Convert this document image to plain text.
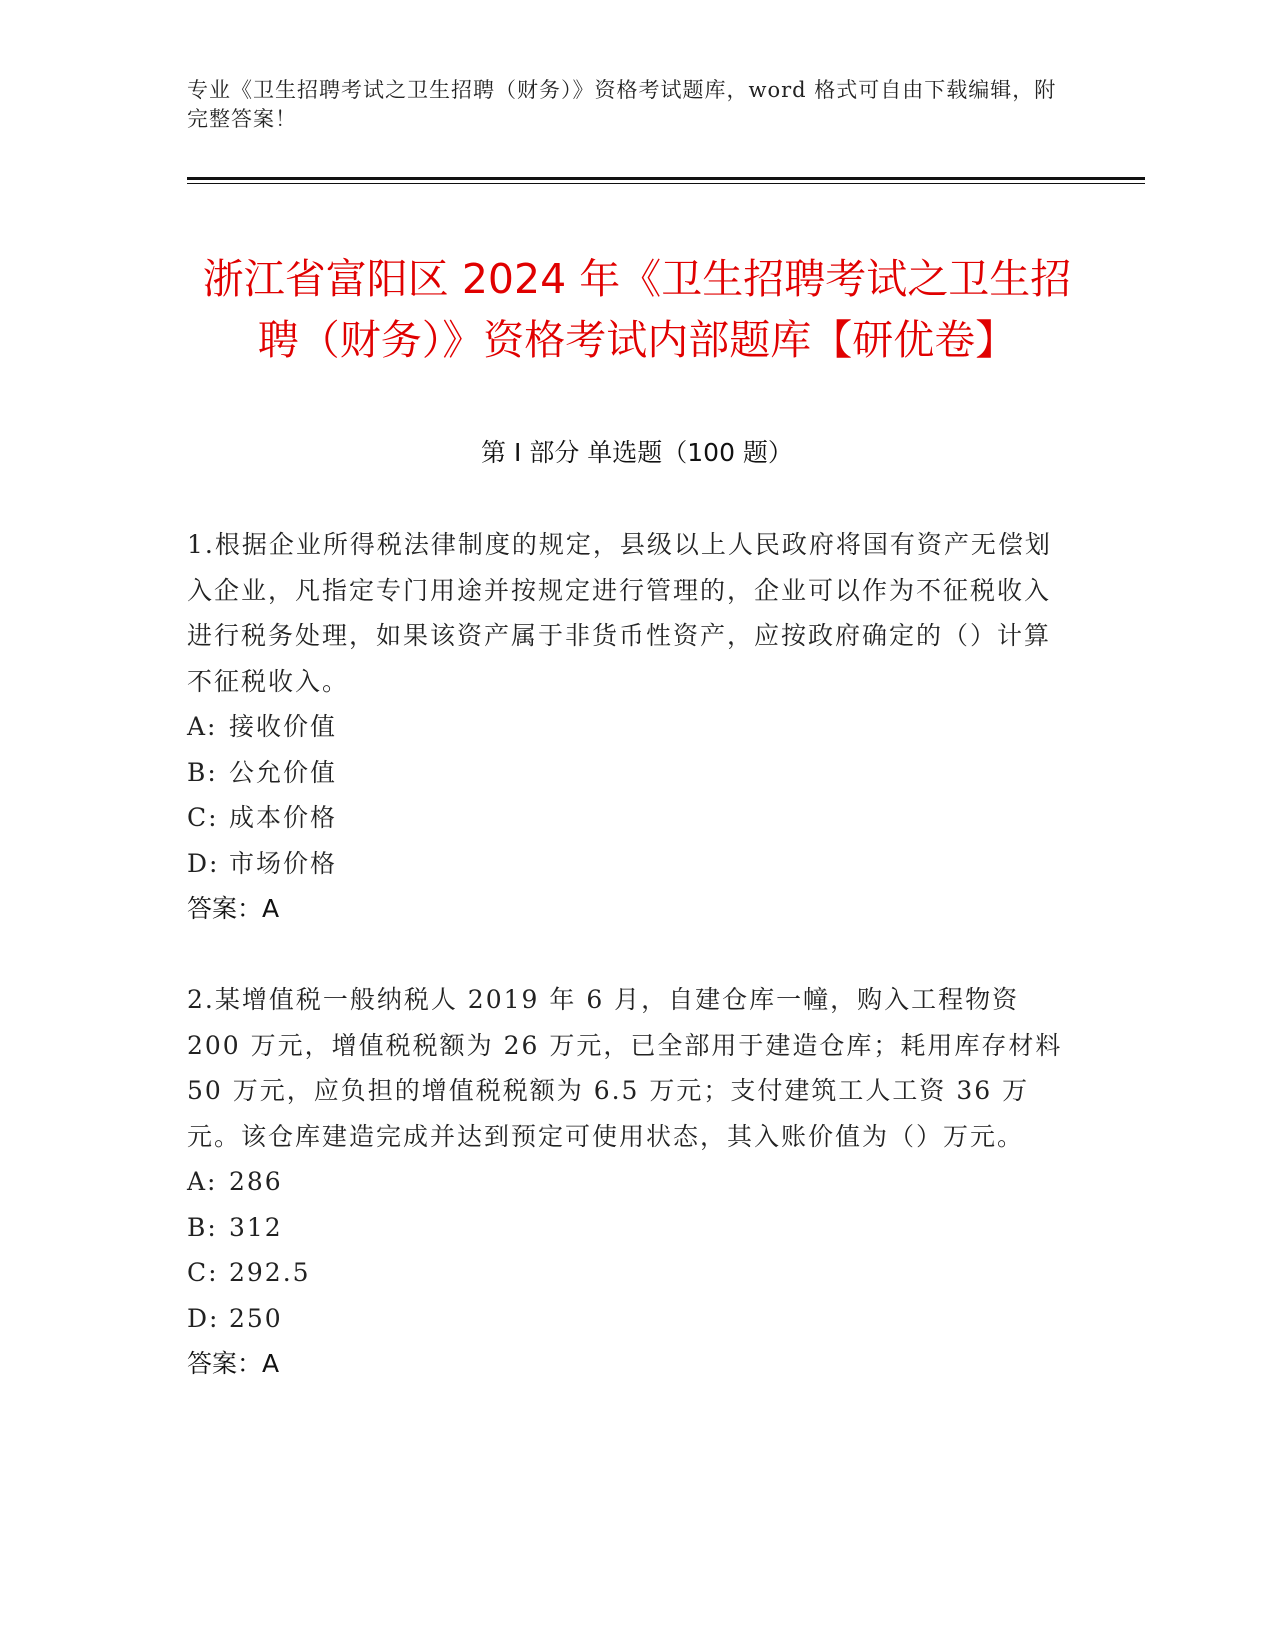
专业《卫生招聘考试之卫生招聘（财务）》资格考试题库，word 格式可自由下载编辑，附完整答案！
浙江省富阳区 2024 年《卫生招聘考试之卫生招聘（财务）》资格考试内部题库【研优卷】
第 I 部分 单选题（100 题）
1.根据企业所得税法律制度的规定，县级以上人民政府将国有资产无偿划入企业，凡指定专门用途并按规定进行管理的，企业可以作为不征税收入进行税务处理，如果该资产属于非货币性资产，应按政府确定的（）计算不征税收入。
A: 接收价值
B: 公允价值
C: 成本价格
D: 市场价格
答案：A
2.某增值税一般纳税人 2019 年 6 月，自建仓库一幢，购入工程物资 200 万元，增值税税额为 26 万元，已全部用于建造仓库；耗用库存材料 50 万元，应负担的增值税税额为 6.5 万元；支付建筑工人工资 36 万元。该仓库建造完成并达到预定可使用状态，其入账价值为（）万元。
A: 286
B: 312
C: 292.5
D: 250
答案：A
